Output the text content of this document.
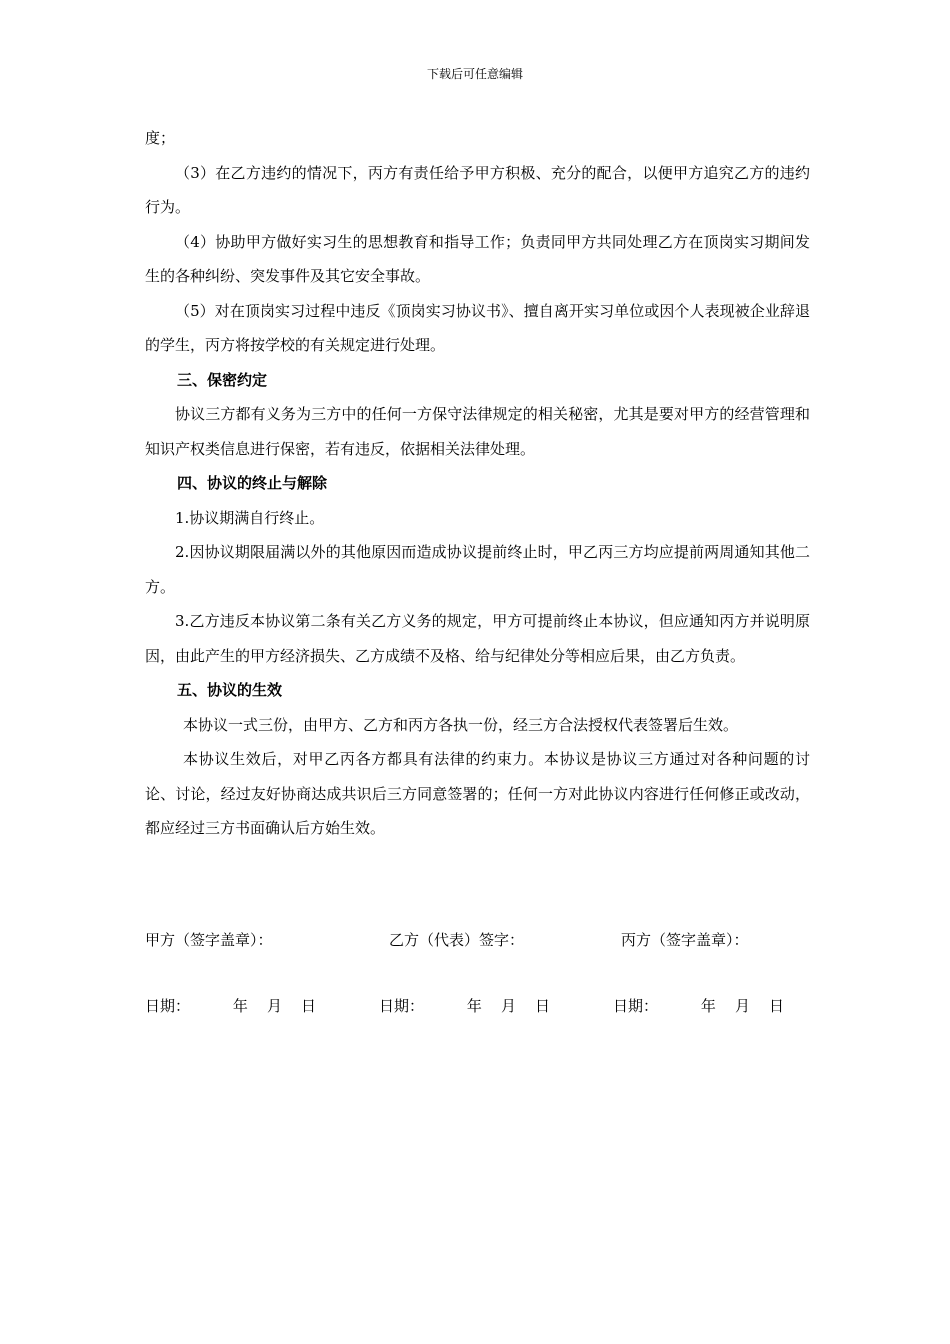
下载后可任意编辑

度；

（3）在乙方违约的情况下，丙方有责任给予甲方积极、充分的配合，以便甲方追究乙方的违约行为。

（4）协助甲方做好实习生的思想教育和指导工作；负责同甲方共同处理乙方在顶岗实习期间发生的各种纠纷、突发事件及其它安全事故。

（5）对在顶岗实习过程中违反《顶岗实习协议书》、擅自离开实习单位或因个人表现被企业辞退的学生，丙方将按学校的有关规定进行处理。

三、保密约定

协议三方都有义务为三方中的任何一方保守法律规定的相关秘密，尤其是要对甲方的经营管理和知识产权类信息进行保密，若有违反，依据相关法律处理。

四、协议的终止与解除

1.协议期满自行终止。

2.因协议期限届满以外的其他原因而造成协议提前终止时，甲乙丙三方均应提前两周通知其他二方。

3.乙方违反本协议第二条有关乙方义务的规定，甲方可提前终止本协议，但应通知丙方并说明原因，由此产生的甲方经济损失、乙方成绩不及格、给与纪律处分等相应后果，由乙方负责。

五、协议的生效

本协议一式三份，由甲方、乙方和丙方各执一份，经三方合法授权代表签署后生效。

本协议生效后，对甲乙丙各方都具有法律的约束力。本协议是协议三方通过对各种问题的讨论、讨论，经过友好协商达成共识后三方同意签署的；任何一方对此协议内容进行任何修正或改动，都应经过三方书面确认后方始生效。

甲方（签字盖章）：	乙方（代表）签字：	丙方（签字盖章）：
日期：         年    月    日	日期：         年    月    日	日期：         年    月    日
